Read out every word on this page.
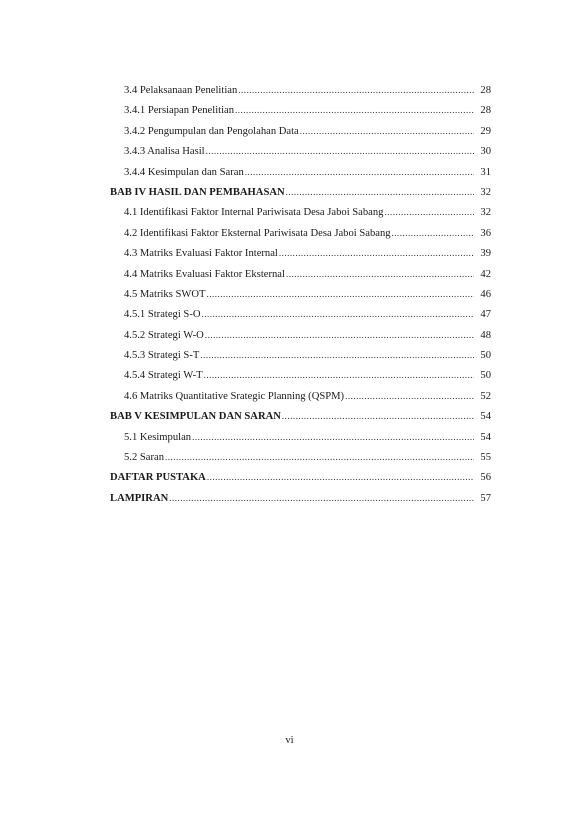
3.4 Pelaksanaan Penelitian .....	28
3.4.1 Persiapan Penelitian .....	28
3.4.2 Pengumpulan dan Pengolahan Data .....	29
3.4.3 Analisa Hasil .....	30
3.4.4 Kesimpulan dan Saran .....	31
BAB IV HASIL DAN PEMBAHASAN .....	32
4.1 Identifikasi Faktor Internal Pariwisata Desa Jaboi Sabang .....	32
4.2 Identifikasi Faktor Eksternal Pariwisata Desa Jaboi Sabang .....	36
4.3 Matriks Evaluasi Faktor Internal .....	39
4.4 Matriks Evaluasi Faktor Eksternal .....	42
4.5 Matriks SWOT .....	46
4.5.1 Strategi S-O .....	47
4.5.2 Strategi W-O .....	48
4.5.3 Strategi S-T .....	50
4.5.4 Strategi W-T .....	50
4.6 Matriks Quantitative Srategic Planning (QSPM) .....	52
BAB V KESIMPULAN DAN SARAN .....	54
5.1 Kesimpulan .....	54
5.2 Saran .....	55
DAFTAR PUSTAKA .....	56
LAMPIRAN .....	57
vi
